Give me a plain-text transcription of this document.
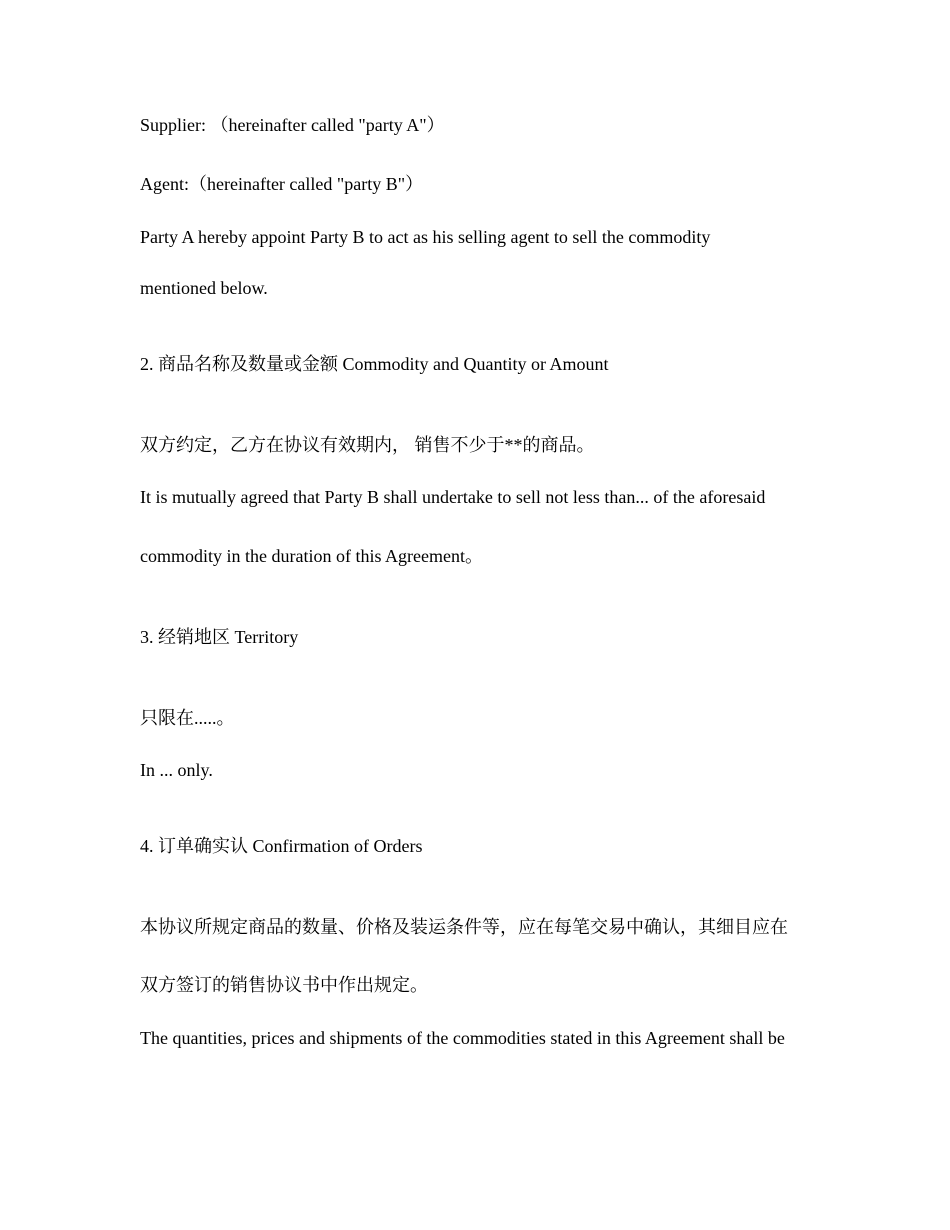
Supplier: （hereinafter called "party A"）
Agent:（hereinafter called "party B"）
Party A hereby appoint Party B to act as his selling agent to sell the commodity
mentioned below.
2. 商品名称及数量或金额 Commodity and Quantity or Amount
双方约定，乙方在协议有效期内， 销售不少于**的商品。
It is mutually agreed that Party B shall undertake to sell not less than... of the aforesaid
commodity in the duration of this Agreement。
3. 经销地区 Territory
只限在.....。
In ... only.
4. 订单确实认 Confirmation of Orders
本协议所规定商品的数量、价格及装运条件等，应在每笔交易中确认，其细目应在
双方签订的销售协议书中作出规定。
The quantities, prices and shipments of the commodities stated in this Agreement shall be
